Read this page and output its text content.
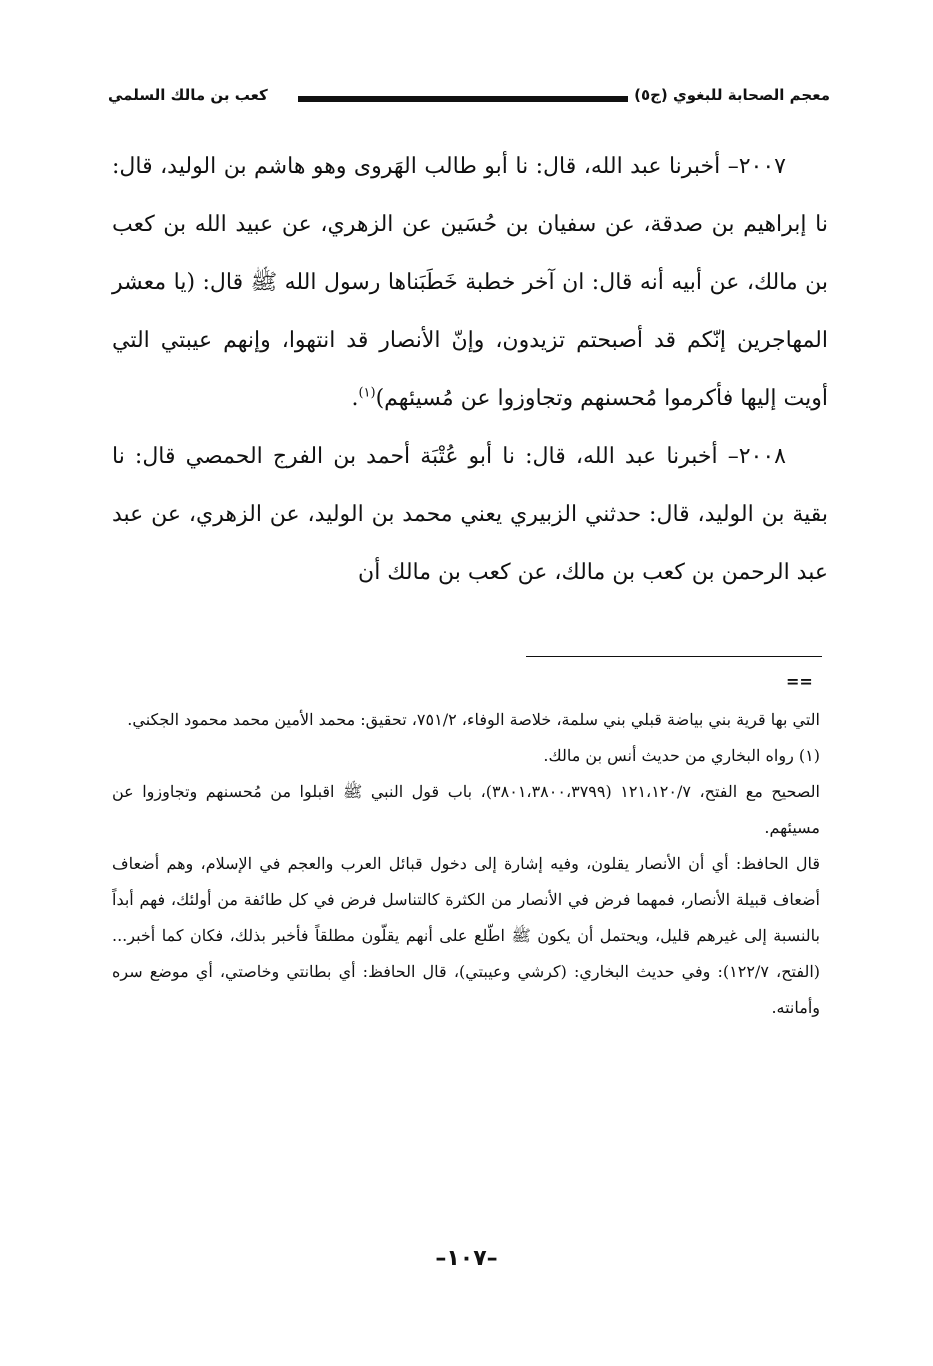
معجم الصحابة للبغوي (ج٥)
كعب بن مالك السلمي

٢٠٠٧– أخبرنا عبد الله، قال: نا أبو طالب الهَروى وهو هاشم بن الوليد، قال: نا إبراهيم بن صدقة، عن سفيان بن حُسَين عن الزهري، عن عبيد الله بن كعب بن مالك، عن أبيه أنه قال: ان آخر خطبة خَطَبَناها رسول الله ﷺ قال: (يا معشر المهاجرين إنّكم قد أصبحتم تزيدون، وإنّ الأنصار قد انتهوا، وإنهم عيبتي التي أويت إليها فأكرموا مُحسنهم وتجاوزوا عن مُسيئهم)$^{(١)}$.

٢٠٠٨– أخبرنا عبد الله، قال: نا أبو عُتْبَة أحمد بن الفرج الحمصي قال: نا بقية بن الوليد، قال: حدثني الزبيري يعني محمد بن الوليد، عن الزهري، عن عبد عبد الرحمن بن كعب بن مالك، عن كعب بن مالك أن

==

التي بها قرية بني بياضة قبلي بني سلمة، خلاصة الوفاء، ٧٥١/٢، تحقيق: محمد الأمين محمد محمود الجكني.

(١) رواه البخاري من حديث أنس بن مالك.

الصحيح مع الفتح، ١٢١،١٢٠/٧ (٣٨٠١،٣٨٠٠،٣٧٩٩)، باب قول النبي ﷺ اقبلوا من مُحسنهم وتجاوزوا عن مسيئهم.

قال الحافظ: أي أن الأنصار يقلون، وفيه إشارة إلى دخول قبائل العرب والعجم في الإسلام، وهم أضعاف أضعاف قبيلة الأنصار، فمهما فرض في الأنصار من الكثرة كالتناسل فرض في كل طائفة من أولئك، فهم أبداً بالنسبة إلى غيرهم قليل، ويحتمل أن يكون ﷺ اطّلع على أنهم يقلّون مطلقاً فأخبر بذلك، فكان كما أخبر... (الفتح، ١٢٢/٧): وفي حديث البخاري: (كرشي وعيبتي)، قال الحافظ: أي بطانتي وخاصتي، أي موضع سره وأمانته.

–١٠٧–
